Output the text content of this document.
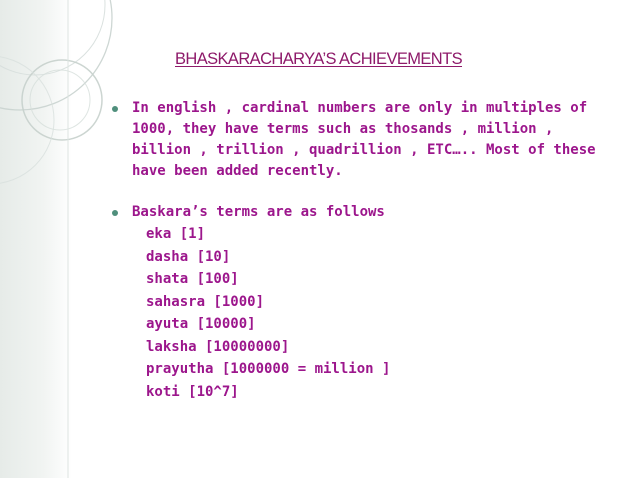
BHASKARACHARYA’S ACHIEVEMENTS
In english , cardinal numbers are only in multiples of 1000, they have terms such as thosands , million , billion , trillion , quadrillion , ETC….. Most of these have been added recently.
Baskara’s terms are as follows
eka [1]
dasha [10]
shata [100]
sahasra [1000]
ayuta [10000]
laksha [10000000]
prayutha [1000000 = million ]
koti [10^7]
